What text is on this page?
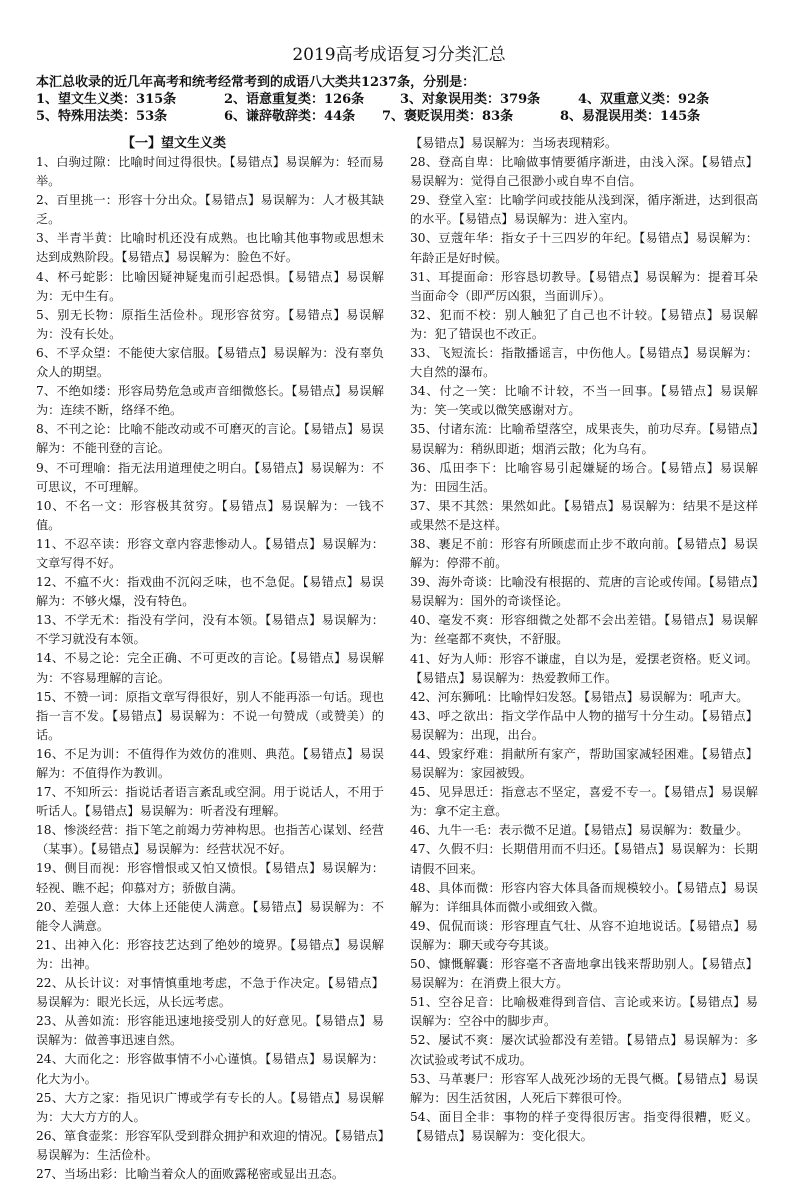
2019高考成语复习分类汇总
本汇总收录的近几年高考和统考经常考到的成语八大类共1237条，分别是：
1、望文生义类：315条	2、语意重复类：126条	3、对象误用类：379条	4、双重意义类：92条
5、特殊用法类：53条	6、谦辞敬辞类：44条 7、褒贬误用类：83条	8、易混误用类：145条
【一】望文生义类
1、白驹过隙：比喻时间过得很快。【易错点】易误解为：轻而易举。
2、百里挑一：形容十分出众。【易错点】易误解为：人才极其缺乏。
3、半青半黄：比喻时机还没有成熟。也比喻其他事物或思想未达到成熟阶段。【易错点】易误解为：脸色不好。
4、杯弓蛇影：比喻因疑神疑鬼而引起恐惧。【易错点】易误解为：无中生有。
5、别无长物：原指生活俭朴。现形容贫穷。【易错点】易误解为：没有长处。
6、不孚众望：不能使大家信服。【易错点】易误解为：没有辜负众人的期望。
7、不绝如缕：形容局势危急或声音细微悠长。【易错点】易误解为：连续不断，络绎不绝。
8、不刊之论：比喻不能改动或不可磨灭的言论。【易错点】易误解为：不能刊登的言论。
9、不可理喻：指无法用道理使之明白。【易错点】易误解为：不可思议，不可理解。
10、不名一文：形容极其贫穷。【易错点】易误解为：一钱不值。
11、不忍卒读：形容文章内容悲惨动人。【易错点】易误解为：文章写得不好。
12、不瘟不火：指戏曲不沉闷乏味，也不急促。【易错点】易误解为：不够火爆，没有特色。
13、不学无术：指没有学问，没有本领。【易错点】易误解为：不学习就没有本领。
14、不易之论：完全正确、不可更改的言论。【易错点】易误解为：不容易理解的言论。
15、不赞一词：原指文章写得很好，别人不能再添一句话。现也指一言不发。【易错点】易误解为：不说一句赞成（或赞美）的话。
16、不足为训：不值得作为效仿的准则、典范。【易错点】易误解为：不值得作为教训。
17、不知所云：指说话者语言紊乱或空洞。用于说话人，不用于听话人。【易错点】易误解为：听者没有理解。
18、惨淡经营：指下笔之前竭力劳神构思。也指苦心谋划、经营（某事）。【易错点】易误解为：经营状况不好。
19、侧目而视：形容憎恨或又怕又愤恨。【易错点】易误解为：轻视、瞧不起；仰慕对方；骄傲自满。
20、差强人意：大体上还能使人满意。【易错点】易误解为：不能令人满意。
21、出神入化：形容技艺达到了绝妙的境界。【易错点】易误解为：出神。
22、从长计议：对事情慎重地考虑，不急于作决定。【易错点】易误解为：眼光长远，从长远考虑。
23、从善如流：形容能迅速地接受别人的好意见。【易错点】易误解为：做善事迅速自然。
24、大而化之：形容做事情不小心谨慎。【易错点】易误解为：化大为小。
25、大方之家：指见识广博或学有专长的人。【易错点】易误解为：大大方方的人。
26、箪食壶浆：形容军队受到群众拥护和欢迎的情况。【易错点】易误解为：生活俭朴。
27、当场出彩：比喻当着众人的面败露秘密或显出丑态。
【易错点】易误解为：当场表现精彩。
28、登高自卑：比喻做事情要循序渐进，由浅入深。【易错点】易误解为：觉得自己很渺小或自卑不自信。
29、登堂入室：比喻学问或技能从浅到深，循序渐进，达到很高的水平。【易错点】易误解为：进入室内。
30、豆蔻年华：指女子十三四岁的年纪。【易错点】易误解为：年龄正是好时候。
31、耳提面命：形容恳切教导。【易错点】易误解为：提着耳朵当面命令（即严厉凶狠，当面训斥）。
32、犯而不校：别人触犯了自己也不计较。【易错点】易误解为：犯了错误也不改正。
33、飞短流长：指散播谣言，中伤他人。【易错点】易误解为：大自然的瀑布。
34、付之一笑：比喻不计较，不当一回事。【易错点】易误解为：笑一笑或以微笑感谢对方。
35、付诸东流：比喻希望落空，成果丧失，前功尽弃。【易错点】易误解为：稍纵即逝；烟消云散；化为乌有。
36、瓜田李下：比喻容易引起嫌疑的场合。【易错点】易误解为：田园生活。
37、果不其然：果然如此。【易错点】易误解为：结果不是这样或果然不是这样。
38、裹足不前：形容有所顾虑而止步不敢向前。【易错点】易误解为：停滞不前。
39、海外奇谈：比喻没有根据的、荒唐的言论或传闻。【易错点】易误解为：国外的奇谈怪论。
40、毫发不爽：形容细微之处都不会出差错。【易错点】易误解为：丝毫都不爽快，不舒服。
41、好为人师：形容不谦虚，自以为是，爱摆老资格。贬义词。【易错点】易误解为：热爱教师工作。
42、河东狮吼：比喻悍妇发怒。【易错点】易误解为：吼声大。
43、呼之欲出：指文学作品中人物的描写十分生动。【易错点】易误解为：出现，出台。
44、毁家纾难：捐献所有家产，帮助国家减轻困难。【易错点】易误解为：家园被毁。
45、见异思迁：指意志不坚定，喜爱不专一。【易错点】易误解为：拿不定主意。
46、九牛一毛：表示微不足道。【易错点】易误解为：数量少。
47、久假不归：长期借用而不归还。【易错点】易误解为：长期请假不回来。
48、具体而微：形容内容大体具备而规模较小。【易错点】易误解为：详细具体而微小或细致入微。
49、侃侃而谈：形容理直气壮、从容不迫地说话。【易错点】易误解为：聊天或夸夸其谈。
50、慷慨解囊：形容毫不吝啬地拿出钱来帮助别人。【易错点】易误解为：在消费上很大方。
51、空谷足音：比喻极难得到音信、言论或来访。【易错点】易误解为：空谷中的脚步声。
52、屡试不爽：屡次试验都没有差错。【易错点】易误解为：多次试验或考试不成功。
53、马革裹尸：形容军人战死沙场的无畏气概。【易错点】易误解为：因生活贫困，人死后下葬很可怜。
54、面目全非：事物的样子变得很厉害。指变得很糟，贬义。【易错点】易误解为：变化很大。
